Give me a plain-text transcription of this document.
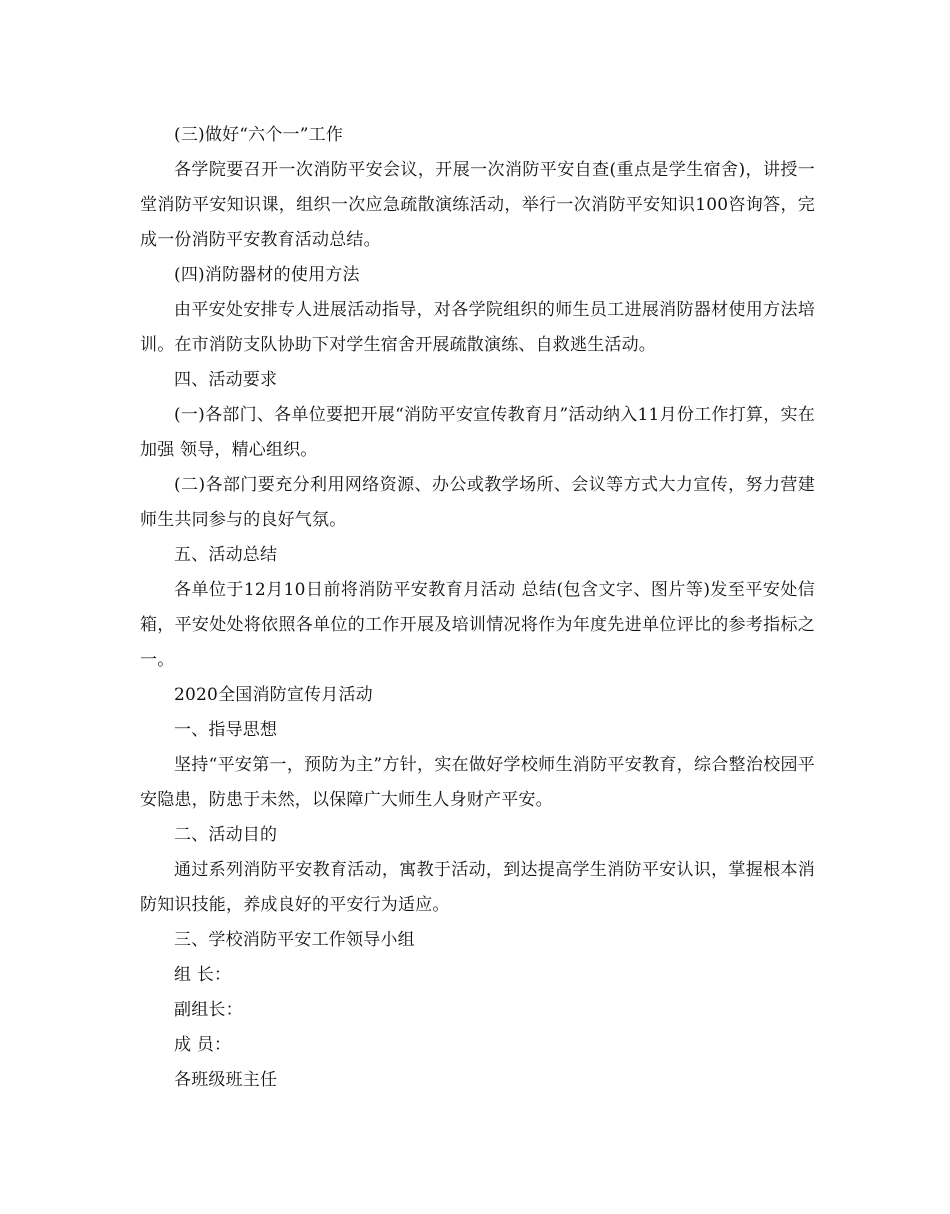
(三)做好“六个一”工作

各学院要召开一次消防平安会议，开展一次消防平安自查(重点是学生宿舍)，讲授一堂消防平安知识课，组织一次应急疏散演练活动，举行一次消防平安知识100咨询答，完成一份消防平安教育活动总结。

(四)消防器材的使用方法

由平安处安排专人进展活动指导，对各学院组织的师生员工进展消防器材使用方法培训。在市消防支队协助下对学生宿舍开展疏散演练、自救逃生活动。

四、活动要求

(一)各部门、各单位要把开展“消防平安宣传教育月”活动纳入11月份工作打算，实在加强 领导，精心组织。

(二)各部门要充分利用网络资源、办公或教学场所、会议等方式大力宣传，努力营建师生共同参与的良好气氛。

五、活动总结

各单位于12月10日前将消防平安教育月活动 总结(包含文字、图片等)发至平安处信箱，平安处处将依照各单位的工作开展及培训情况将作为年度先进单位评比的参考指标之一。

2020全国消防宣传月活动

一、指导思想

坚持“平安第一，预防为主”方针，实在做好学校师生消防平安教育，综合整治校园平安隐患，防患于未然，以保障广大师生人身财产平安。

二、活动目的

通过系列消防平安教育活动，寓教于活动，到达提高学生消防平安认识，掌握根本消防知识技能，养成良好的平安行为适应。

三、学校消防平安工作领导小组

组 长：

副组长：

成 员：

各班级班主任
